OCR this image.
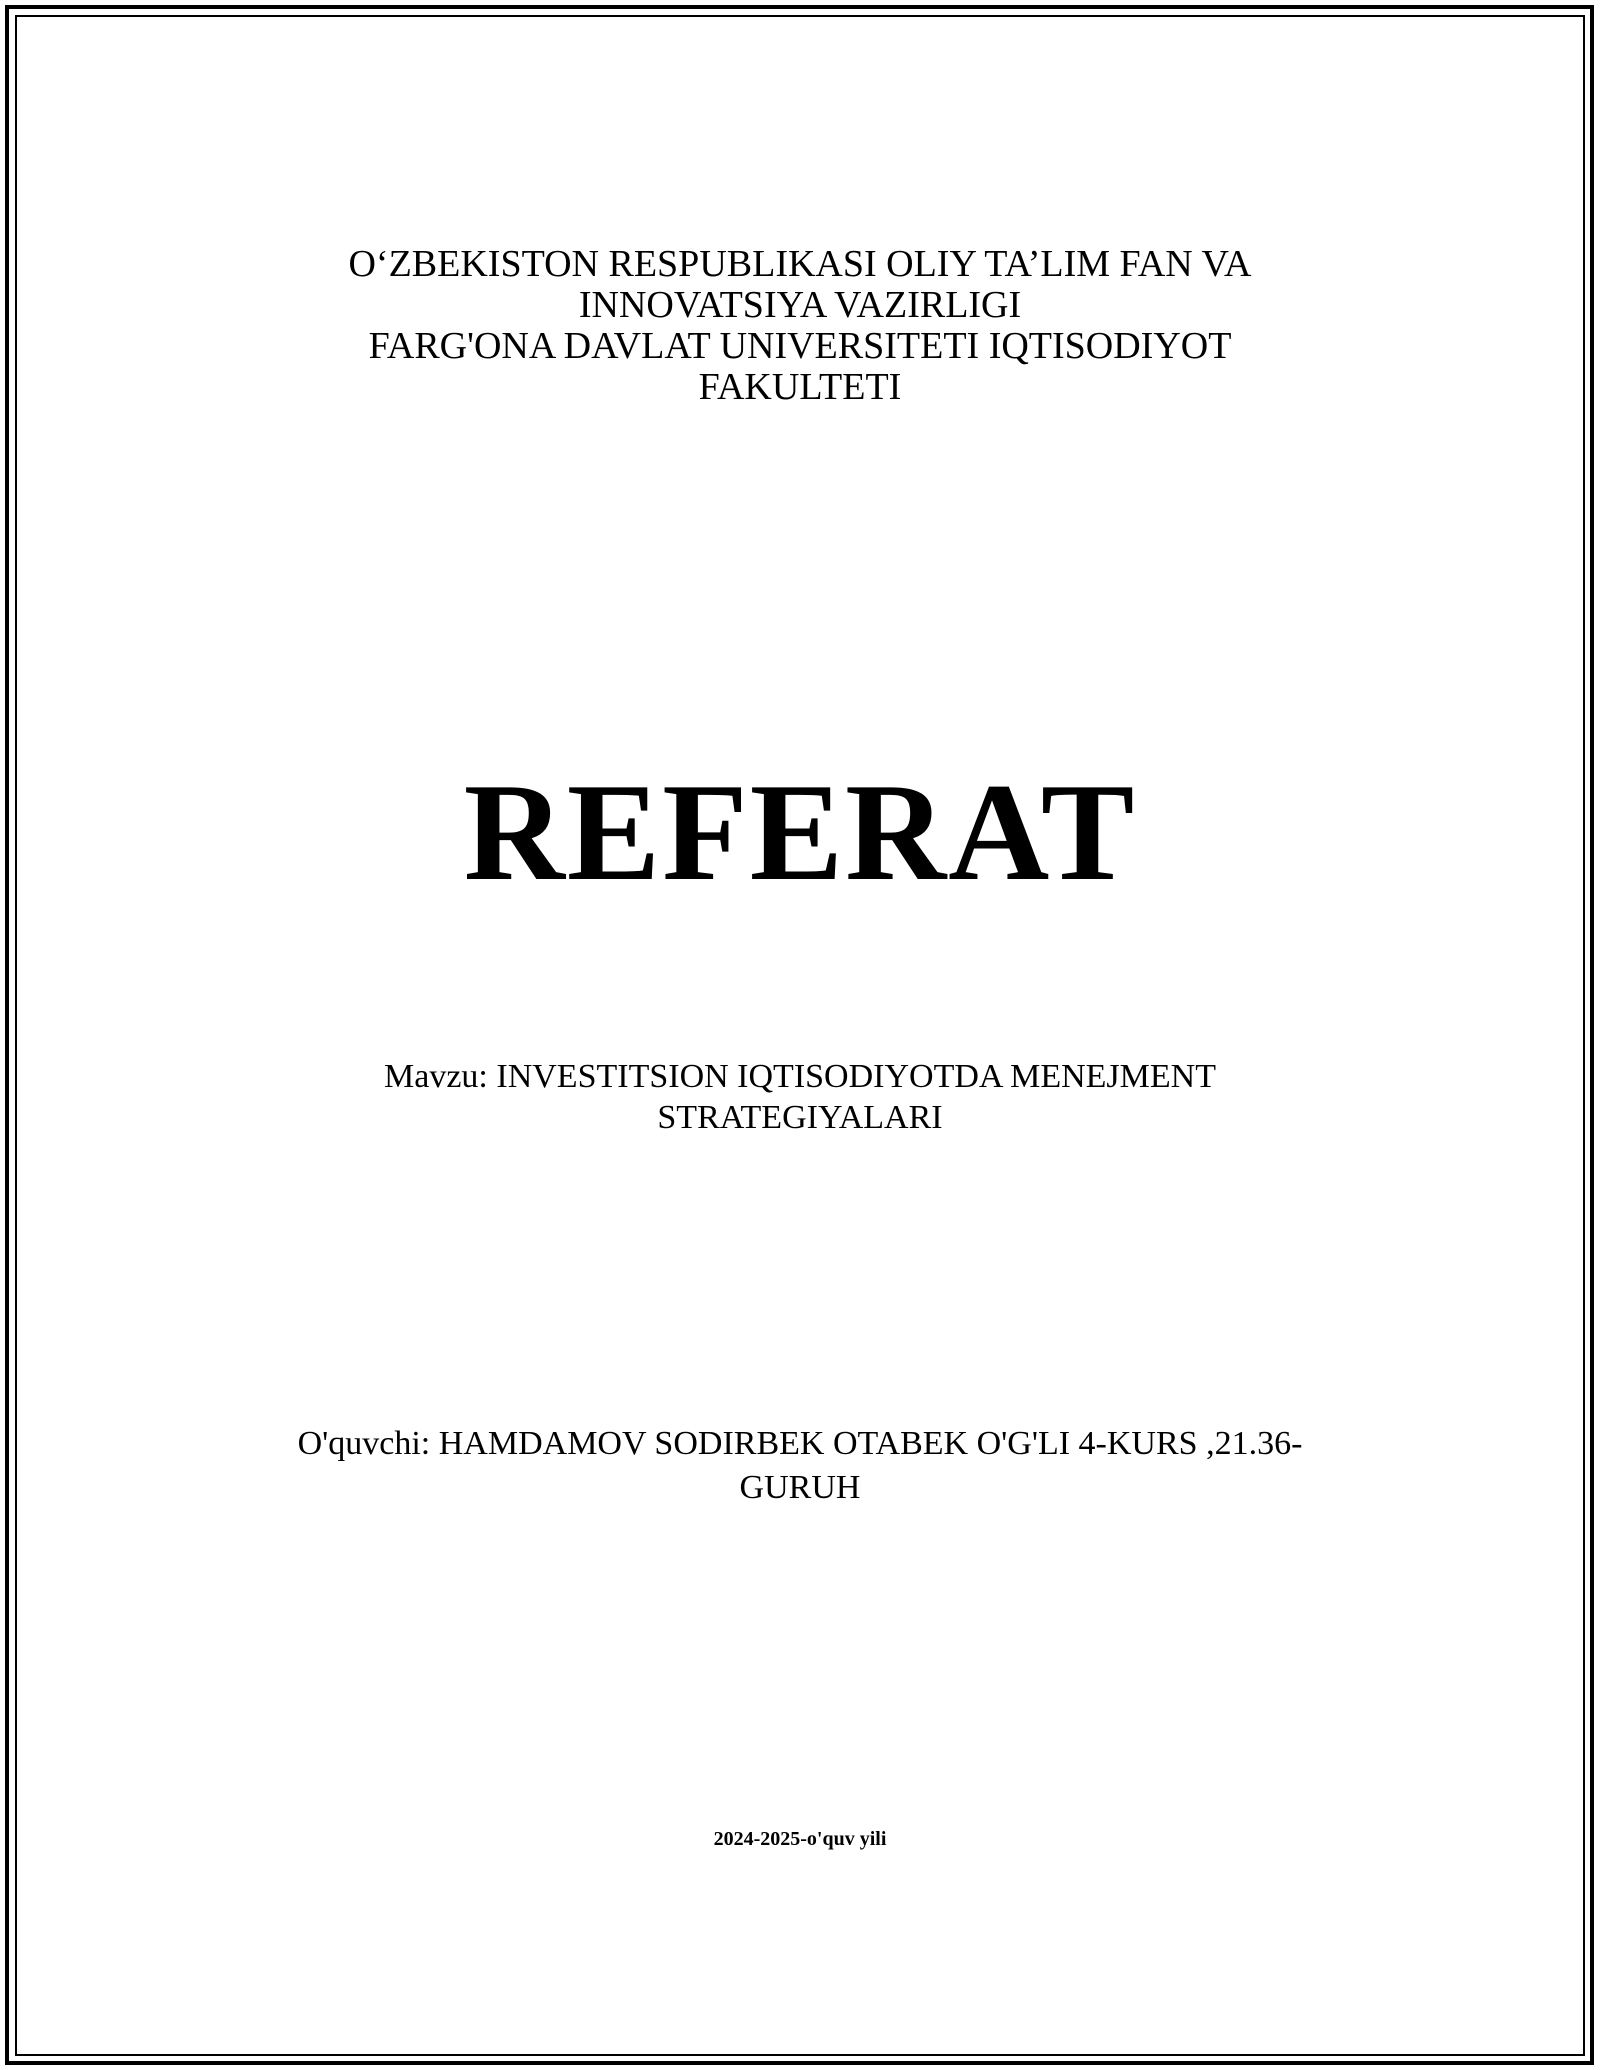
O‘ZBEKISTON RESPUBLIKASI OLIY TA’LIM FAN VA
INNOVATSIYA VAZIRLIGI
FARG'ONA DAVLAT UNIVERSITETI IQTISODIYOT
FAKULTETI
REFERAT
Mavzu: INVESTITSION IQTISODIYOTDA MENEJMENT
STRATEGIYALARI
O'quvchi: HAMDAMOV SODIRBEK OTABEK O'G'LI 4-KURS ,21.36-
GURUH
2024-2025-o'quv yili
